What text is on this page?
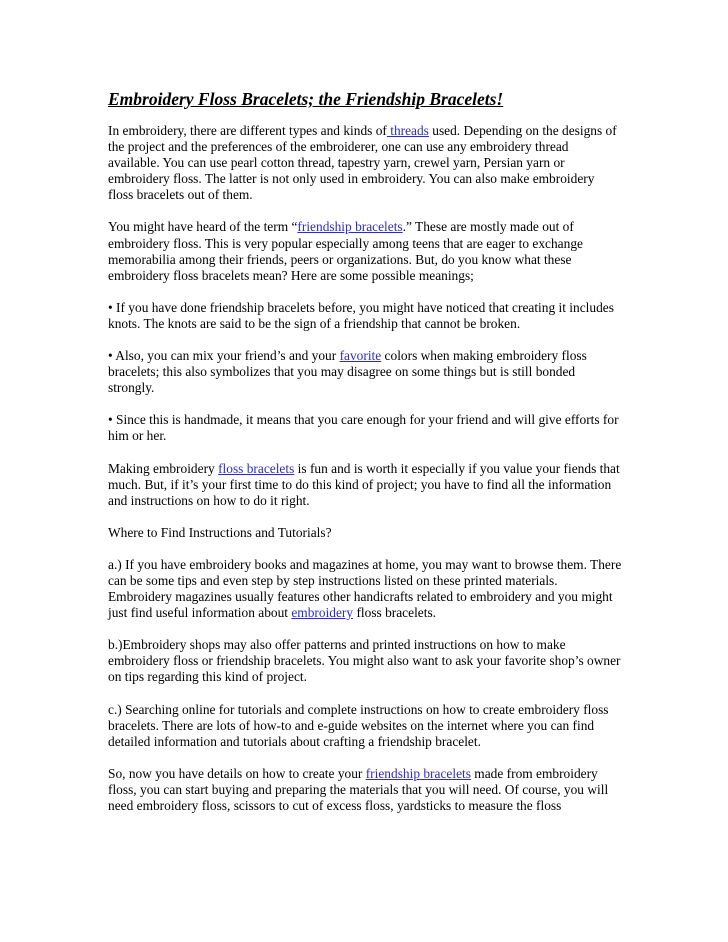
Embroidery Floss Bracelets; the Friendship Bracelets!

In embroidery, there are different types and kinds of threads used. Depending on the designs of the project and the preferences of the embroiderer, one can use any embroidery thread available. You can use pearl cotton thread, tapestry yarn, crewel yarn, Persian yarn or embroidery floss. The latter is not only used in embroidery. You can also make embroidery floss bracelets out of them.

You might have heard of the term “friendship bracelets.” These are mostly made out of embroidery floss. This is very popular especially among teens that are eager to exchange memorabilia among their friends, peers or organizations. But, do you know what these embroidery floss bracelets mean? Here are some possible meanings;

• If you have done friendship bracelets before, you might have noticed that creating it includes knots. The knots are said to be the sign of a friendship that cannot be broken.

• Also, you can mix your friend’s and your favorite colors when making embroidery floss bracelets; this also symbolizes that you may disagree on some things but is still bonded strongly.

• Since this is handmade, it means that you care enough for your friend and will give efforts for him or her.

Making embroidery floss bracelets is fun and is worth it especially if you value your fiends that much. But, if it’s your first time to do this kind of project; you have to find all the information and instructions on how to do it right.

Where to Find Instructions and Tutorials?

a.) If you have embroidery books and magazines at home, you may want to browse them. There can be some tips and even step by step instructions listed on these printed materials. Embroidery magazines usually features other handicrafts related to embroidery and you might just find useful information about embroidery floss bracelets.

b.)Embroidery shops may also offer patterns and printed instructions on how to make embroidery floss or friendship bracelets. You might also want to ask your favorite shop’s owner on tips regarding this kind of project.

c.) Searching online for tutorials and complete instructions on how to create embroidery floss bracelets. There are lots of how-to and e-guide websites on the internet where you can find detailed information and tutorials about crafting a friendship bracelet.

So, now you have details on how to create your friendship bracelets made from embroidery floss, you can start buying and preparing the materials that you will need. Of course, you will need embroidery floss, scissors to cut of excess floss, yardsticks to measure the floss
